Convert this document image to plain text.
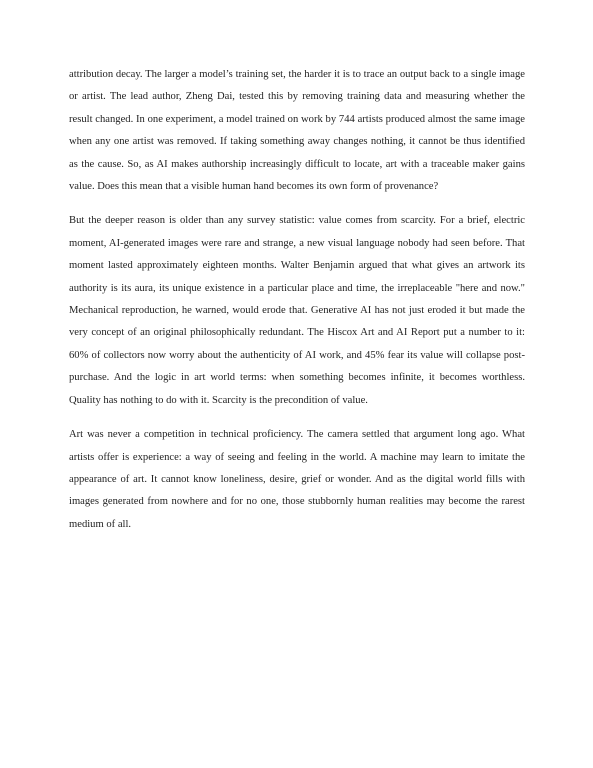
attribution decay. The larger a model’s training set, the harder it is to trace an output back to a single image or artist. The lead author, Zheng Dai, tested this by removing training data and measuring whether the result changed. In one experiment, a model trained on work by 744 artists produced almost the same image when any one artist was removed. If taking something away changes nothing, it cannot be thus identified as the cause. So, as AI makes authorship increasingly difficult to locate, art with a traceable maker gains value. Does this mean that a visible human hand becomes its own form of provenance?

But the deeper reason is older than any survey statistic: value comes from scarcity. For a brief, electric moment, AI-generated images were rare and strange, a new visual language nobody had seen before. That moment lasted approximately eighteen months. Walter Benjamin argued that what gives an artwork its authority is its aura, its unique existence in a particular place and time, the irreplaceable "here and now." Mechanical reproduction, he warned, would erode that. Generative AI has not just eroded it but made the very concept of an original philosophically redundant. The Hiscox Art and AI Report put a number to it: 60% of collectors now worry about the authenticity of AI work, and 45% fear its value will collapse post-purchase. And the logic in art world terms: when something becomes infinite, it becomes worthless. Quality has nothing to do with it. Scarcity is the precondition of value.

Art was never a competition in technical proficiency. The camera settled that argument long ago. What artists offer is experience: a way of seeing and feeling in the world. A machine may learn to imitate the appearance of art. It cannot know loneliness, desire, grief or wonder. And as the digital world fills with images generated from nowhere and for no one, those stubbornly human realities may become the rarest medium of all.
